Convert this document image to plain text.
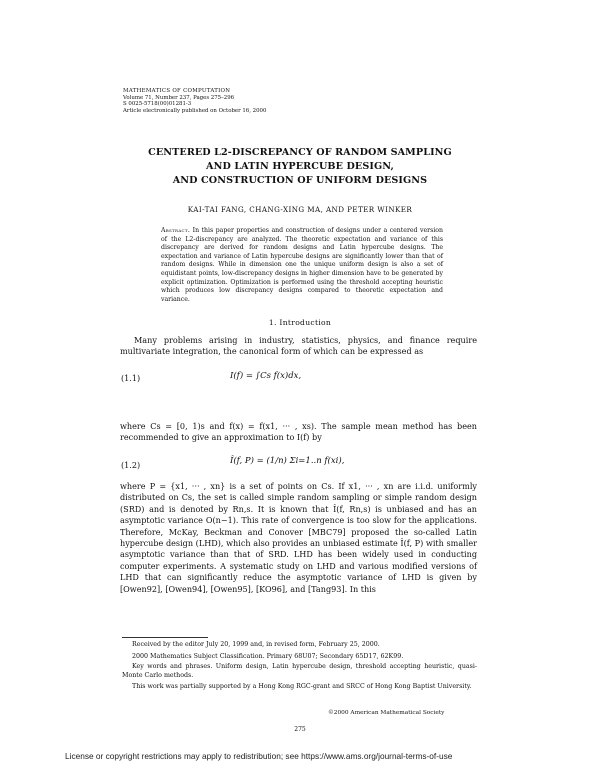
MATHEMATICS OF COMPUTATION
Volume 71, Number 237, Pages 275–296
S 0025-5718(00)01281-3
Article electronically published on October 16, 2000
CENTERED L2-DISCREPANCY OF RANDOM SAMPLING
AND LATIN HYPERCUBE DESIGN,
AND CONSTRUCTION OF UNIFORM DESIGNS
KAI-TAI FANG, CHANG-XING MA, AND PETER WINKER
Abstract. In this paper properties and construction of designs under a centered version of the L2-discrepancy are analyzed. The theoretic expectation and variance of this discrepancy are derived for random designs and Latin hypercube designs. The expectation and variance of Latin hypercube designs are significantly lower than that of random designs. While in dimension one the unique uniform design is also a set of equidistant points, low-discrepancy designs in higher dimension have to be generated by explicit optimization. Optimization is performed using the threshold accepting heuristic which produces low discrepancy designs compared to theoretic expectation and variance.
1. Introduction
Many problems arising in industry, statistics, physics, and finance require multivariate integration, the canonical form of which can be expressed as
(1.1)	I(f) = ∫Cs f(x)dx,
where Cs = [0, 1)s and f(x) = f(x1, ··· , xs). The sample mean method has been recommended to give an approximation to I(f) by
(1.2)	Î(f, P) = (1/n) Σi=1..n f(xi),
where P = {x1, ··· , xn} is a set of points on Cs. If x1, ··· , xn are i.i.d. uniformly distributed on Cs, the set is called simple random sampling or simple random design (SRD) and is denoted by Rn,s. It is known that Î(f, Rn,s) is unbiased and has an asymptotic variance O(n−1). This rate of convergence is too slow for the applications. Therefore, McKay, Beckman and Conover [MBC79] proposed the so-called Latin hypercube design (LHD), which also provides an unbiased estimate Î(f, P) with smaller asymptotic variance than that of SRD. LHD has been widely used in conducting computer experiments. A systematic study on LHD and various modified versions of LHD that can significantly reduce the asymptotic variance of LHD is given by [Owen92], [Owen94], [Owen95], [KO96], and [Tang93]. In this
Received by the editor July 20, 1999 and, in revised form, February 25, 2000.
2000 Mathematics Subject Classification. Primary 68U07; Secondary 65D17, 62K99.
Key words and phrases. Uniform design, Latin hypercube design, threshold accepting heuristic, quasi-Monte Carlo methods.
This work was partially supported by a Hong Kong RGC-grant and SRCC of Hong Kong Baptist University.
©2000 American Mathematical Society
275
License or copyright restrictions may apply to redistribution; see https://www.ams.org/journal-terms-of-use
